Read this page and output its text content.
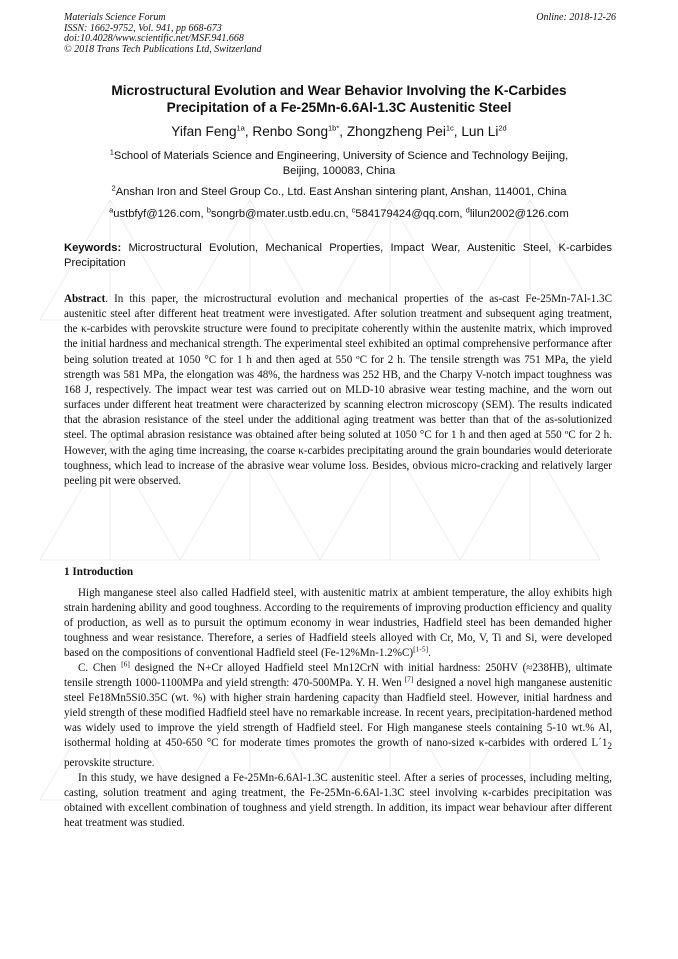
Materials Science Forum
ISSN: 1662-9752, Vol. 941, pp 668-673
doi:10.4028/www.scientific.net/MSF.941.668
© 2018 Trans Tech Publications Ltd, Switzerland
Online: 2018-12-26
Microstructural Evolution and Wear Behavior Involving the K-Carbides
Precipitation of a Fe-25Mn-6.6Al-1.3C Austenitic Steel
Yifan Feng$^{1a}$, Renbo Song$^{1b*}$, Zhongzheng Pei$^{1c}$, Lun $Li^{2d}$
$^1$School of Materials Science and Engineering, University of Science and Technology Beijing,
Beijing, 100083, China
$^2$Anshan Iron and Steel Group Co., Ltd. East Anshan sintering plant, Anshan, 114001, China
$^a$ustbfyf@126.com, $^b$songrb@mater.ustb.edu.cn, $^c$584179424@qq.com, $^d$lilun2002@126.com
Keywords: Microstructural Evolution, Mechanical Properties, Impact Wear, Austenitic Steel, K-carbides Precipitation
Abstract. In this paper, the microstructural evolution and mechanical properties of the as-cast Fe-25Mn-7Al-1.3C austenitic steel after different heat treatment were investigated. After solution treatment and subsequent aging treatment, the κ-carbides with perovskite structure were found to precipitate coherently within the austenite matrix, which improved the initial hardness and mechanical strength. The experimental steel exhibited an optimal comprehensive performance after being solution treated at 1050 °C for 1 h and then aged at 550 ºC for 2 h. The tensile strength was 751 MPa, the yield strength was 581 MPa, the elongation was 48%, the hardness was 252 HB, and the Charpy V-notch impact toughness was 168 J, respectively. The impact wear test was carried out on MLD-10 abrasive wear testing machine, and the worn out surfaces under different heat treatment were characterized by scanning electron microscopy (SEM). The results indicated that the abrasion resistance of the steel under the additional aging treatment was better than that of the as-solutionized steel. The optimal abrasion resistance was obtained after being soluted at 1050 °C for 1 h and then aged at 550 ºC for 2 h. However, with the aging time increasing, the coarse κ-carbides precipitating around the grain boundaries would deteriorate toughness, which lead to increase of the abrasive wear volume loss. Besides, obvious micro-cracking and relatively larger peeling pit were observed.
1 Introduction

High manganese steel also called Hadfield steel, with austenitic matrix at ambient temperature, the alloy exhibits high strain hardening ability and good toughness. According to the requirements of improving production efficiency and quality of production, as well as to pursuit the optimum economy in wear industries, Hadfield steel has been demanded higher toughness and wear resistance. Therefore, a series of Hadfield steels alloyed with Cr, Mo, V, Ti and Si, were developed based on the compositions of conventional Hadfield steel (Fe-12%Mn-1.2%C)[1-5].

C. Chen [6] designed the N+Cr alloyed Hadfield steel Mn12CrN with initial hardness: 250HV (≈238HB), ultimate tensile strength 1000-1100MPa and yield strength: 470-500MPa. Y. H. Wen [7] designed a novel high manganese austenitic steel Fe18Mn5Si0.35C (wt. %) with higher strain hardening capacity than Hadfield steel. However, initial hardness and yield strength of these modified Hadfield steel have no remarkable increase. In recent years, precipitation-hardened method was widely used to improve the yield strength of Hadfield steel. For High manganese steels containing 5-10 wt.% Al, isothermal holding at 450-650 °C for moderate times promotes the growth of nano-sized κ-carbides with ordered $L´1_2$ perovskite structure.

In this study, we have designed a Fe-25Mn-6.6Al-1.3C austenitic steel. After a series of processes, including melting, casting, solution treatment and aging treatment, the Fe-25Mn-6.6Al-1.3C steel involving κ-carbides precipitation was obtained with excellent combination of toughness and yield strength. In addition, its impact wear behaviour after different heat treatment was studied.
